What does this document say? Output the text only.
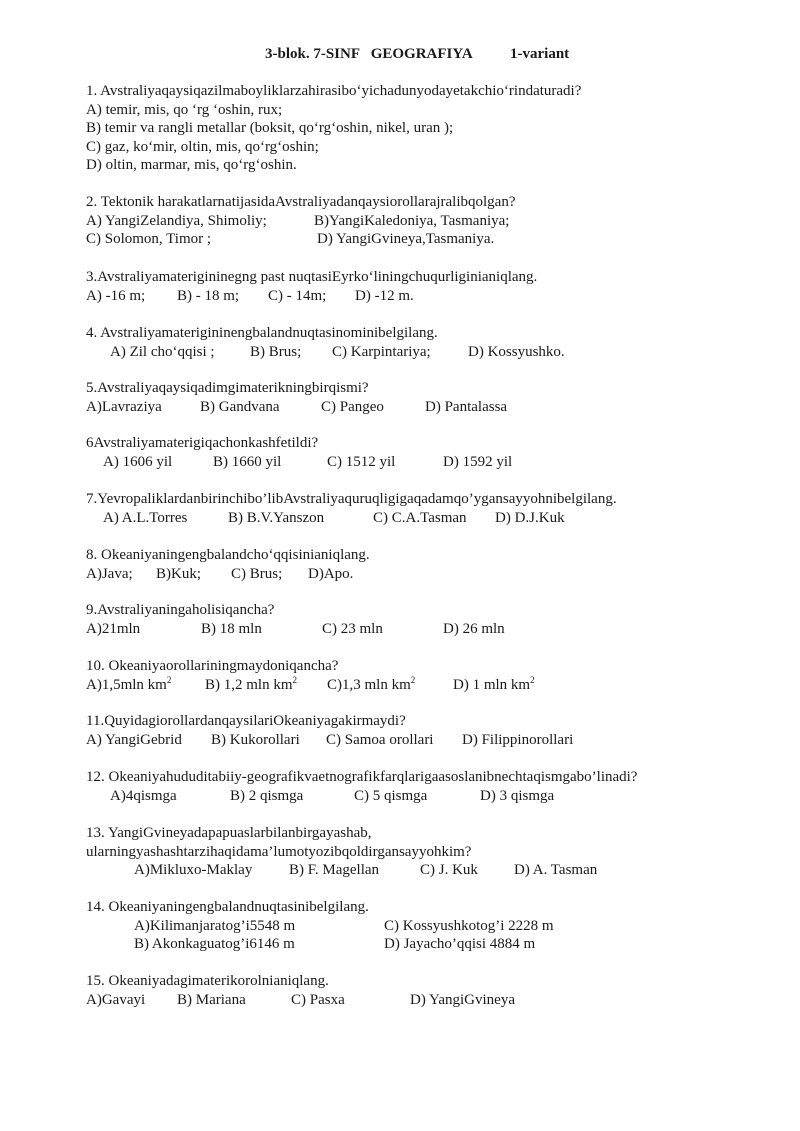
3-blok. 7-SINF   GEOGRAFIYA 1-variant

1. Avstraliyaqaysiqazilmaboyliklarzahirasibo‘yichadunyodayetakchio‘rindaturadi?
A) temir, mis, qo ‘rg ‘oshin, rux;
B) temir va rangli metallar (boksit, qo‘rg‘oshin, nikel, uran );
C) gaz, ko‘mir, oltin, mis, qo‘rg‘oshin;
D) oltin, marmar, mis, qo‘rg‘oshin.
2. Tektonik harakatlarnatijasidaAvstraliyadanqaysiorollarajralibqolgan?
A) YangiZelandiya, Shimoliy;	B)YangiKaledoniya, Tasmaniya;
C) Solomon, Timor ;	D) YangiGvineya,Tasmaniya.
3.Avstraliyamaterigininegng past nuqtasiEyrko‘liningchuqurliginianiqlang.
A) -16 m; B) - 18 m; C) - 14m; D) -12 m.
4. Avstraliyamaterigininengbalandnuqtasinominibelgilang.
A) Zil cho‘qqisi ; B) Brus; C) Karpintariya; D) Kossyushko.
5.Avstraliyaqaysiqadimgimaterikningbirqismi?
A)Lavraziya	B) Gandvana	C) Pangeo	D) Pantalassa
6Avstraliyamaterigiqachonkashfetildi?
A) 1606 yil	B) 1660 yil	C) 1512 yil	D) 1592 yil
7.Yevropaliklardanbirinchibo’libAvstraliyaquruqligigaqadamqo’ygansayyohnibelgilang.
A) A.L.Torres	B) B.V.Yanszon	C) C.A.Tasman D) D.J.Kuk
8. Okeaniyaningengbalandcho‘qqisinianiqlang.
A)Java; B)Kuk; C) Brus; D)Apo.
9.Avstraliyaningaholisiqancha?
A)21mln	B) 18 mln	C) 23 mln	D) 26 mln
10. Okeaniyaorollariningmaydoniqancha?
A)1,5mln $km^2$ B) 1,2 mln $km^2$ C)1,3 mln $km^2$	D) 1 mln $km^2$
11.QuyidagiorollardanqaysilariOkeaniyagakirmaydi?
A) YangiGebrid B) Kukorollari C) Samoa orollari D) Filippinorollari
12. Okeaniyahududitabiiy-geografikvaetnografikfarqlarigaasoslanibnechtaqismgabo’linadi?
A)4qismga	B) 2 qismga	C) 5 qismga	D) 3 qismga
13. YangiGvineyadapapuaslarbilanbirgayashab,
ularningyashashtarzihaqidama’lumotyozibqoldirgansayyohkim?
A)Mikluxo-Maklay B) F. Magellan	C) J. Kuk D) A. Tasman
14. Okeaniyaningengbalandnuqtasinibelgilang.
A)Kilimanjaratog’i5548 m	C) Kossyushkotog’i 2228 m
B) Akonkaguatog’i6146 m	D) Jayacho’qqisi 4884 m
15. Okeaniyadagimaterikorolnianiqlang.
A)Gavayi B) Mariana	C) Pasxa	D) YangiGvineya
